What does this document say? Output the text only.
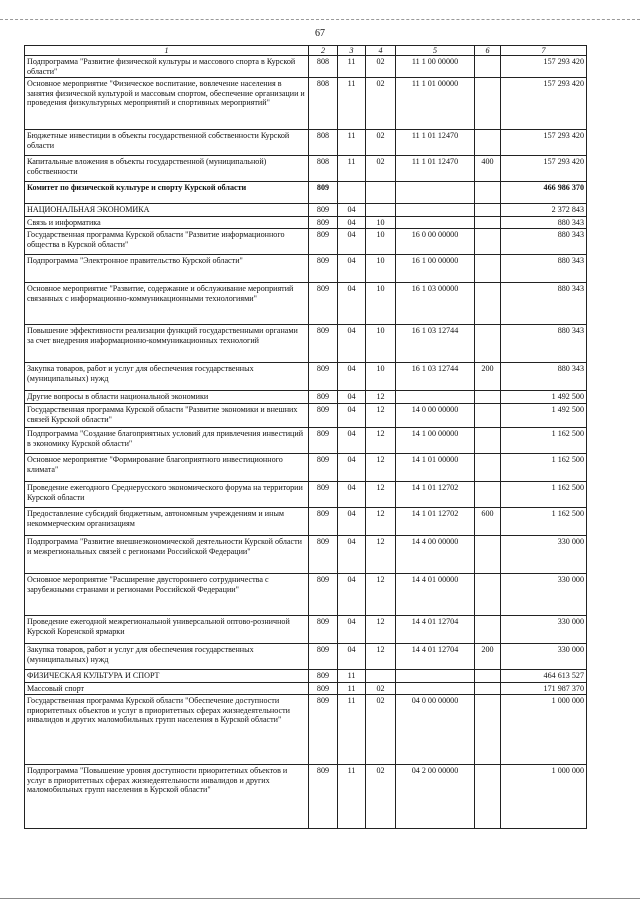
67
1	2	3	4	5	6	7
Подпрограмма "Развитие физической культуры и массового спорта в Курской области"	808	11	02	11 1 00 00000		157 293 420
Основное мероприятие "Физическое воспитание, вовлечение населения в занятия физической культурой и массовым спортом, обеспечение организации и проведения физкультурных мероприятий и спортивных мероприятий"	808	11	02	11 1 01 00000		157 293 420
Бюджетные инвестиции в объекты государственной собственности Курской области	808	11	02	11 1 01 12470		157 293 420
Капитальные вложения в объекты государственной (муниципальной) собственности	808	11	02	11 1 01 12470	400	157 293 420
Комитет по физической культуре и спорту Курской области	809					466 986 370
НАЦИОНАЛЬНАЯ ЭКОНОМИКА	809	04				2 372 843
Связь и информатика	809	04	10			880 343
Государственная программа Курской области "Развитие информационного общества в Курской области"	809	04	10	16 0 00 00000		880 343
Подпрограмма "Электронное правительство Курской области"	809	04	10	16 1 00 00000		880 343
Основное мероприятие "Развитие, содержание и обслуживание мероприятий связанных с информационно-коммуникационными технологиями"	809	04	10	16 1 03 00000		880 343
Повышение эффективности реализации функций государственными органами за счет внедрения информационно-коммуникационных технологий	809	04	10	16 1 03 12744		880 343
Закупка товаров, работ и услуг для обеспечения государственных (муниципальных) нужд	809	04	10	16 1 03 12744	200	880 343
Другие вопросы в области национальной экономики	809	04	12			1 492 500
Государственная программа Курской области "Развитие экономики и внешних связей Курской области"	809	04	12	14 0 00 00000		1 492 500
Подпрограмма "Создание благоприятных условий для привлечения инвестиций в экономику Курской области"	809	04	12	14 1 00 00000		1 162 500
Основное мероприятие "Формирование благоприятного инвестиционного климата"	809	04	12	14 1 01 00000		1 162 500
Проведение ежегодного Среднерусского экономического форума на территории Курской области	809	04	12	14 1 01 12702		1 162 500
Предоставление субсидий бюджетным, автономным учреждениям и иным некоммерческим организациям	809	04	12	14 1 01 12702	600	1 162 500
Подпрограмма "Развитие внешнеэкономической деятельности Курской области и межрегиональных связей с регионами Российской Федерации"	809	04	12	14 4 00 00000		330 000
Основное мероприятие "Расширение двустороннего сотрудничества с зарубежными странами и регионами Российской Федерации"	809	04	12	14 4 01 00000		330 000
Проведение ежегодной межрегиональной универсальной оптово-розничной Курской Коренской ярмарки	809	04	12	14 4 01 12704		330 000
Закупка товаров, работ и услуг для обеспечения государственных (муниципальных) нужд	809	04	12	14 4 01 12704	200	330 000
ФИЗИЧЕСКАЯ КУЛЬТУРА И СПОРТ	809	11				464 613 527
Массовый спорт	809	11	02			171 987 370
Государственная программа Курской области "Обеспечение доступности приоритетных объектов и услуг в приоритетных сферах жизнедеятельности инвалидов и других маломобильных групп населения в Курской области"	809	11	02	04 0 00 00000		1 000 000
Подпрограмма "Повышение уровня доступности приоритетных объектов и услуг в приоритетных сферах жизнедеятельности инвалидов и других маломобильных групп населения в Курской области"	809	11	02	04 2 00 00000		1 000 000
